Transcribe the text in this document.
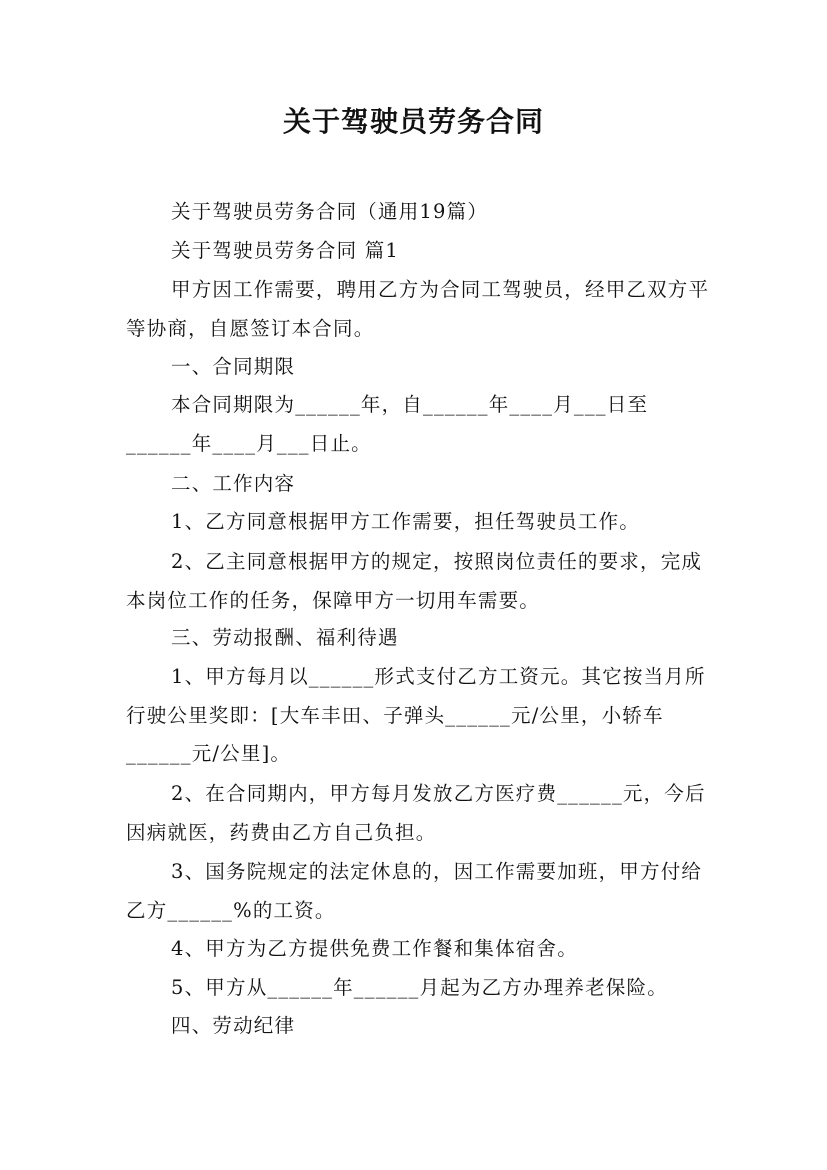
关于驾驶员劳务合同
关于驾驶员劳务合同（通用19篇）
关于驾驶员劳务合同 篇1
甲方因工作需要，聘用乙方为合同工驾驶员，经甲乙双方平等协商，自愿签订本合同。
一、合同期限
本合同期限为______年，自______年____月___日至______年____月___日止。
二、工作内容
1、乙方同意根据甲方工作需要，担任驾驶员工作。
2、乙主同意根据甲方的规定，按照岗位责任的要求，完成本岗位工作的任务，保障甲方一切用车需要。
三、劳动报酬、福利待遇
1、甲方每月以______形式支付乙方工资元。其它按当月所行驶公里奖即：[大车丰田、子弹头______元/公里，小轿车______元/公里]。
2、在合同期内，甲方每月发放乙方医疗费______元，今后因病就医，药费由乙方自己负担。
3、国务院规定的法定休息的，因工作需要加班，甲方付给乙方______%的工资。
4、甲方为乙方提供免费工作餐和集体宿舍。
5、甲方从______年______月起为乙方办理养老保险。
四、劳动纪律
